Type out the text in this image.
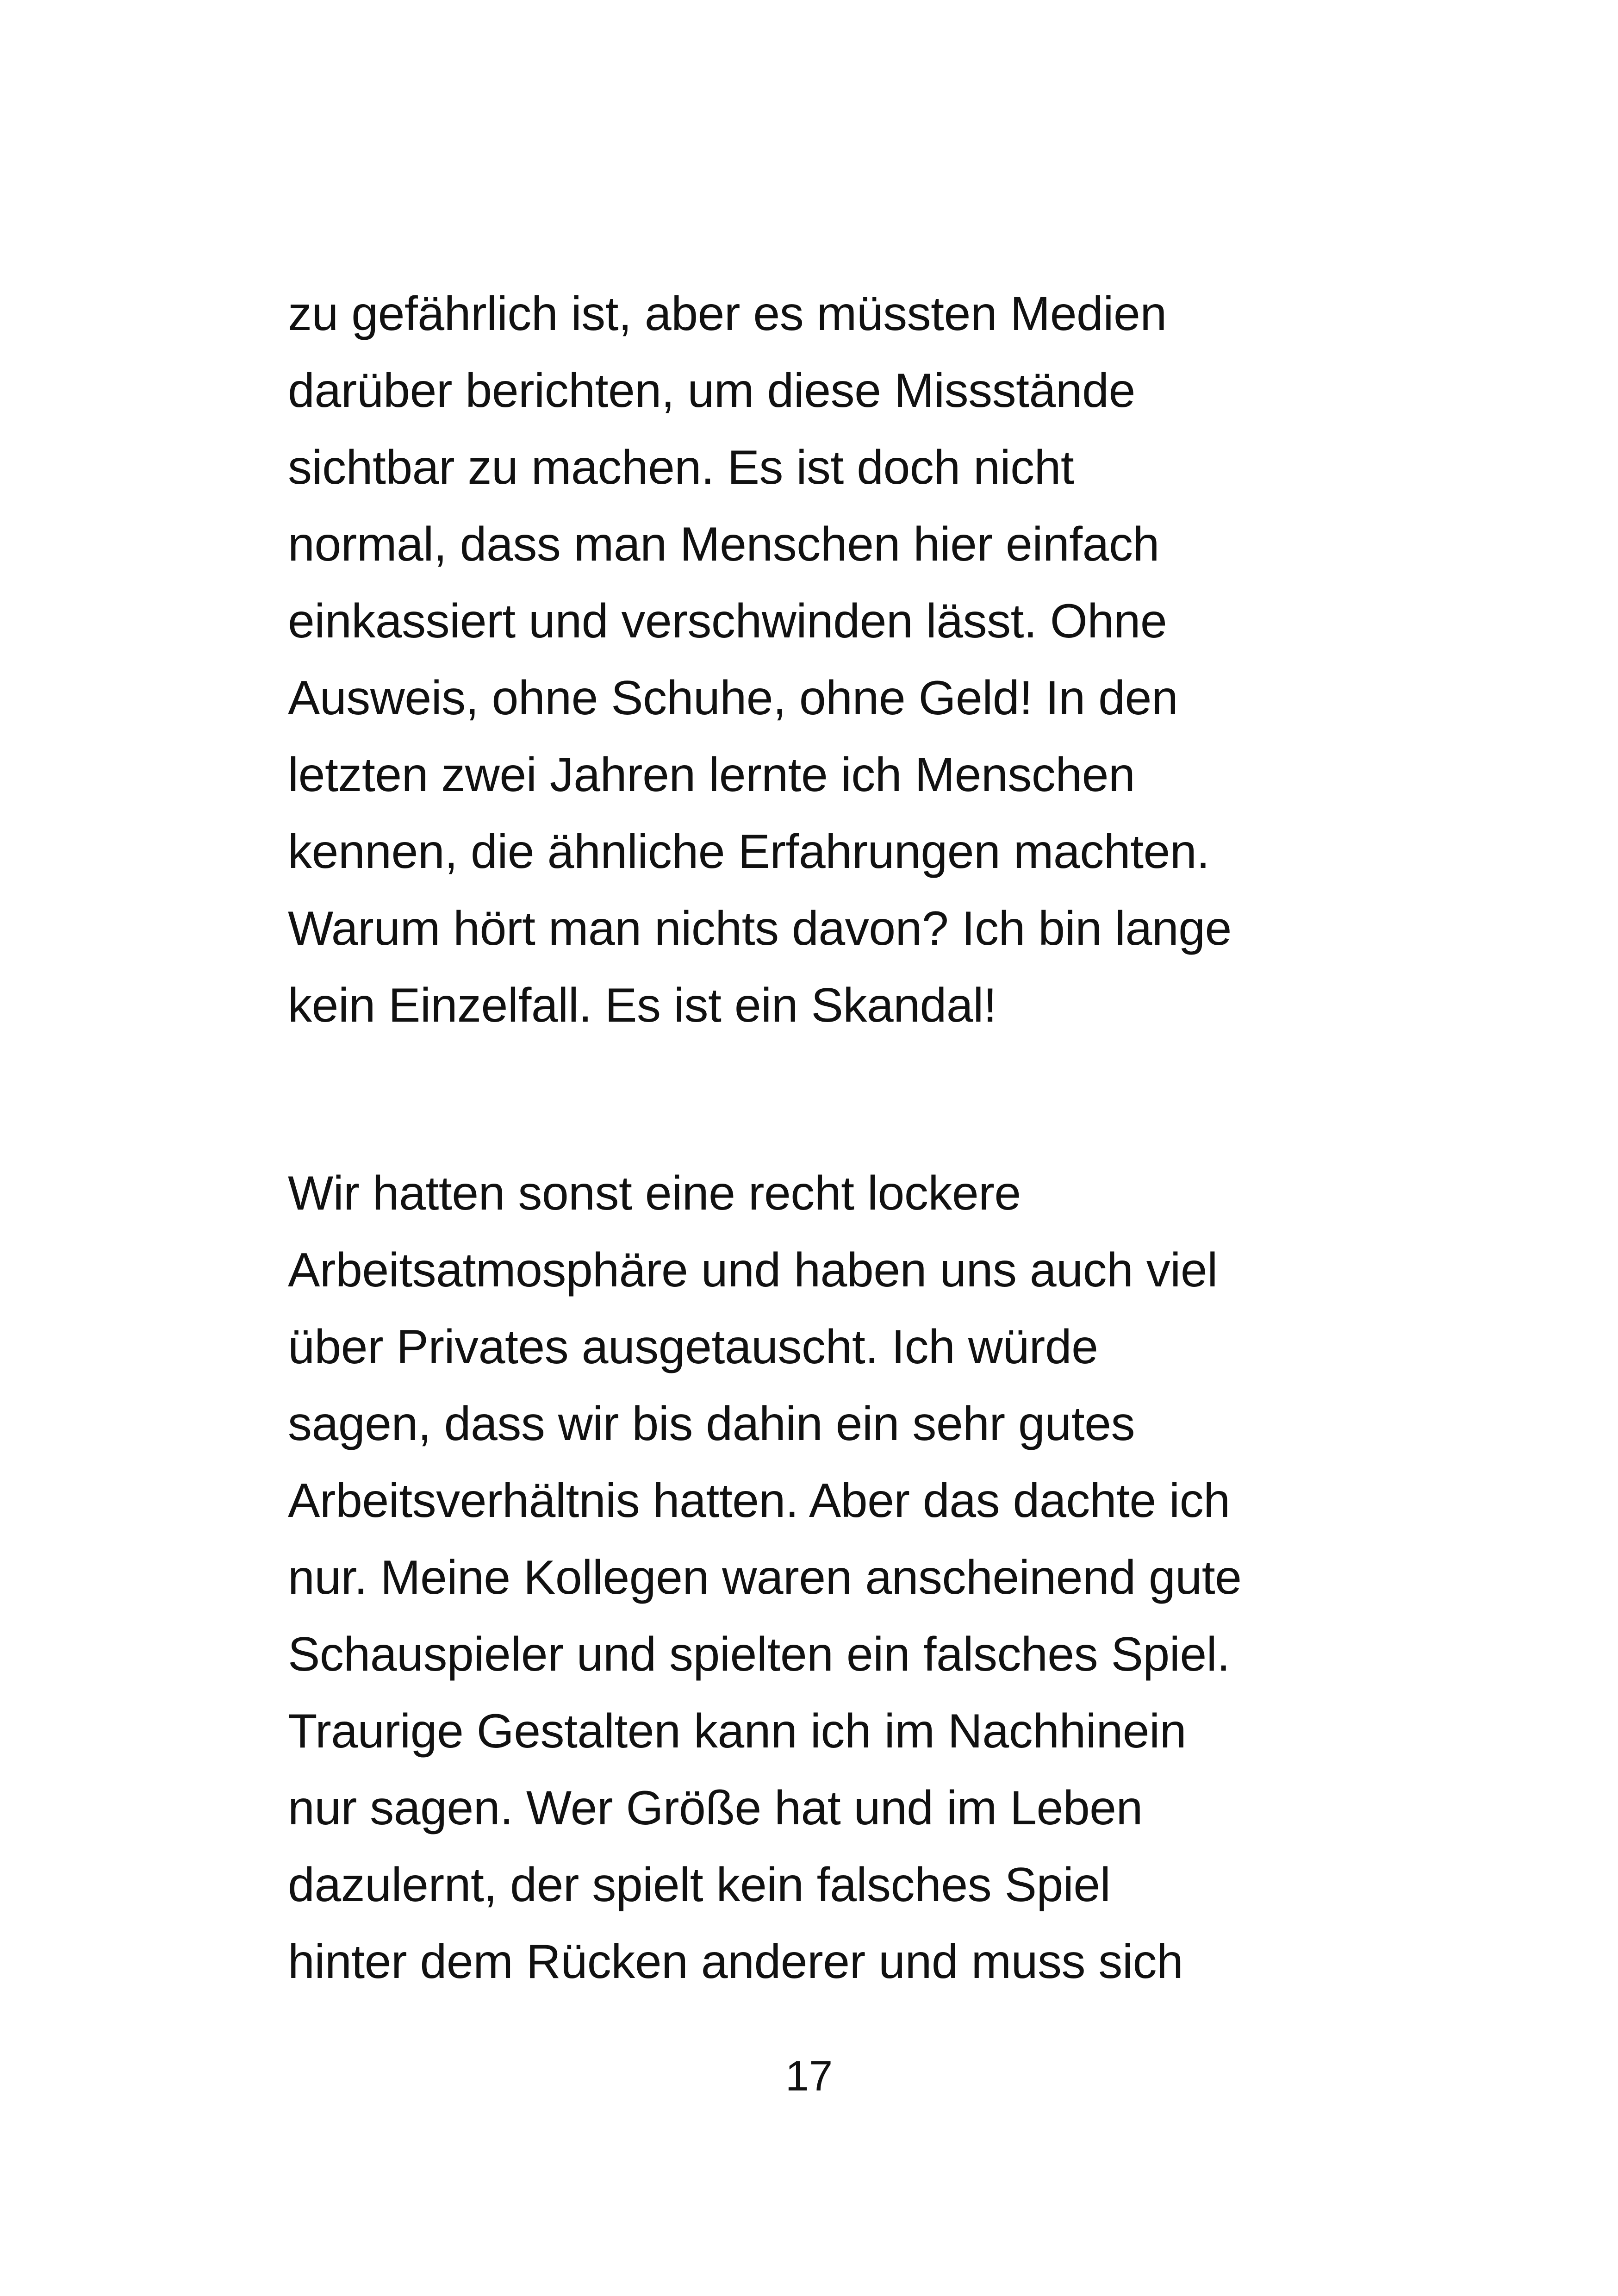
zu gefährlich ist, aber es müssten Medien
darüber berichten, um diese Missstände
sichtbar zu machen. Es ist doch nicht
normal, dass man Menschen hier einfach
einkassiert und verschwinden lässt. Ohne
Ausweis, ohne Schuhe, ohne Geld! In den
letzten zwei Jahren lernte ich Menschen
kennen, die ähnliche Erfahrungen machten.
Warum hört man nichts davon? Ich bin lange
kein Einzelfall. Es ist ein Skandal!

Wir hatten sonst eine recht lockere
Arbeitsatmosphäre und haben uns auch viel
über Privates ausgetauscht. Ich würde
sagen, dass wir bis dahin ein sehr gutes
Arbeitsverhältnis hatten. Aber das dachte ich
nur. Meine Kollegen waren anscheinend gute
Schauspieler und spielten ein falsches Spiel.
Traurige Gestalten kann ich im Nachhinein
nur sagen. Wer Größe hat und im Leben
dazulernt, der spielt kein falsches Spiel
hinter dem Rücken anderer und muss sich

17
